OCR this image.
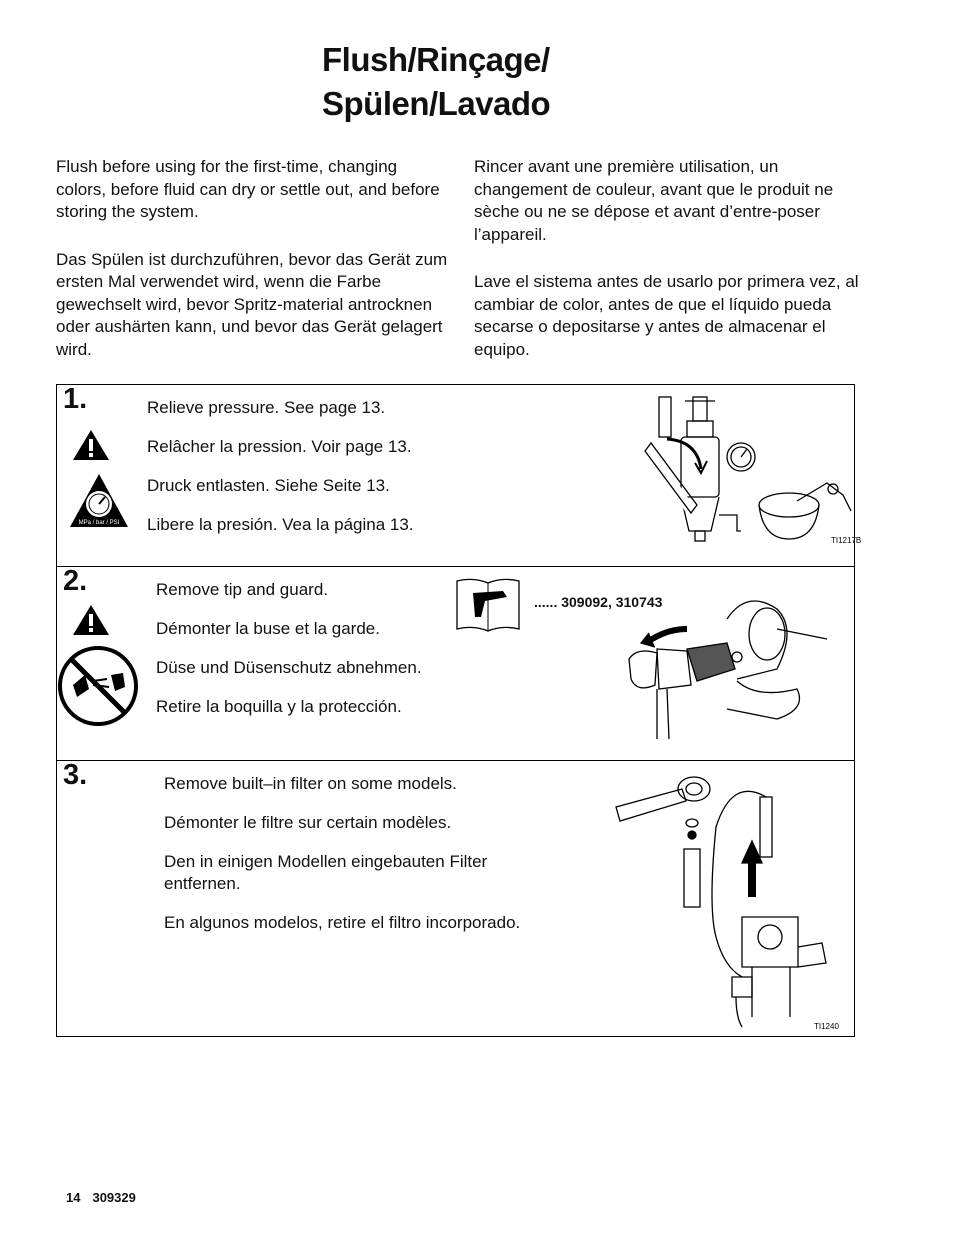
Flush/Rinçage/
Spülen/Lavado

Flush before using for the first-time, changing colors, before fluid can dry or settle out, and before storing the system.

Das Spülen ist durchzuführen, bevor das Gerät zum ersten Mal verwendet wird, wenn die Farbe gewechselt wird, bevor Spritz-material antrocknen oder aushärten kann, und bevor das Gerät gelagert wird.

Rincer avant une première utilisation, un changement de couleur, avant que le produit ne sèche ou ne se dépose et avant d’entre-poser l’appareil.

Lave el sistema antes de usarlo por primera vez, al cambiar de color, antes de que el líquido pueda secarse o depositarse y antes de almacenar el equipo.

1.
MPa / bar / PSI
Relieve pressure. See page 13.
Relâcher la pression. Voir page 13.
Druck entlasten. Siehe Seite 13.
Libere la presión. Vea la página 13.
TI1217B
2.	Remove tip and guard.
Démonter la buse et la garde.
Düse und Düsenschutz abnehmen.
Retire la boquilla y la protección.
...... 309092, 310743
3.	Remove built–in filter on some models.
Démonter le filtre sur certain modèles.
Den in einigen Modellen eingebauten Filter entfernen.
En algunos modelos, retire el filtro incorporado.
TI1240
14 309329
